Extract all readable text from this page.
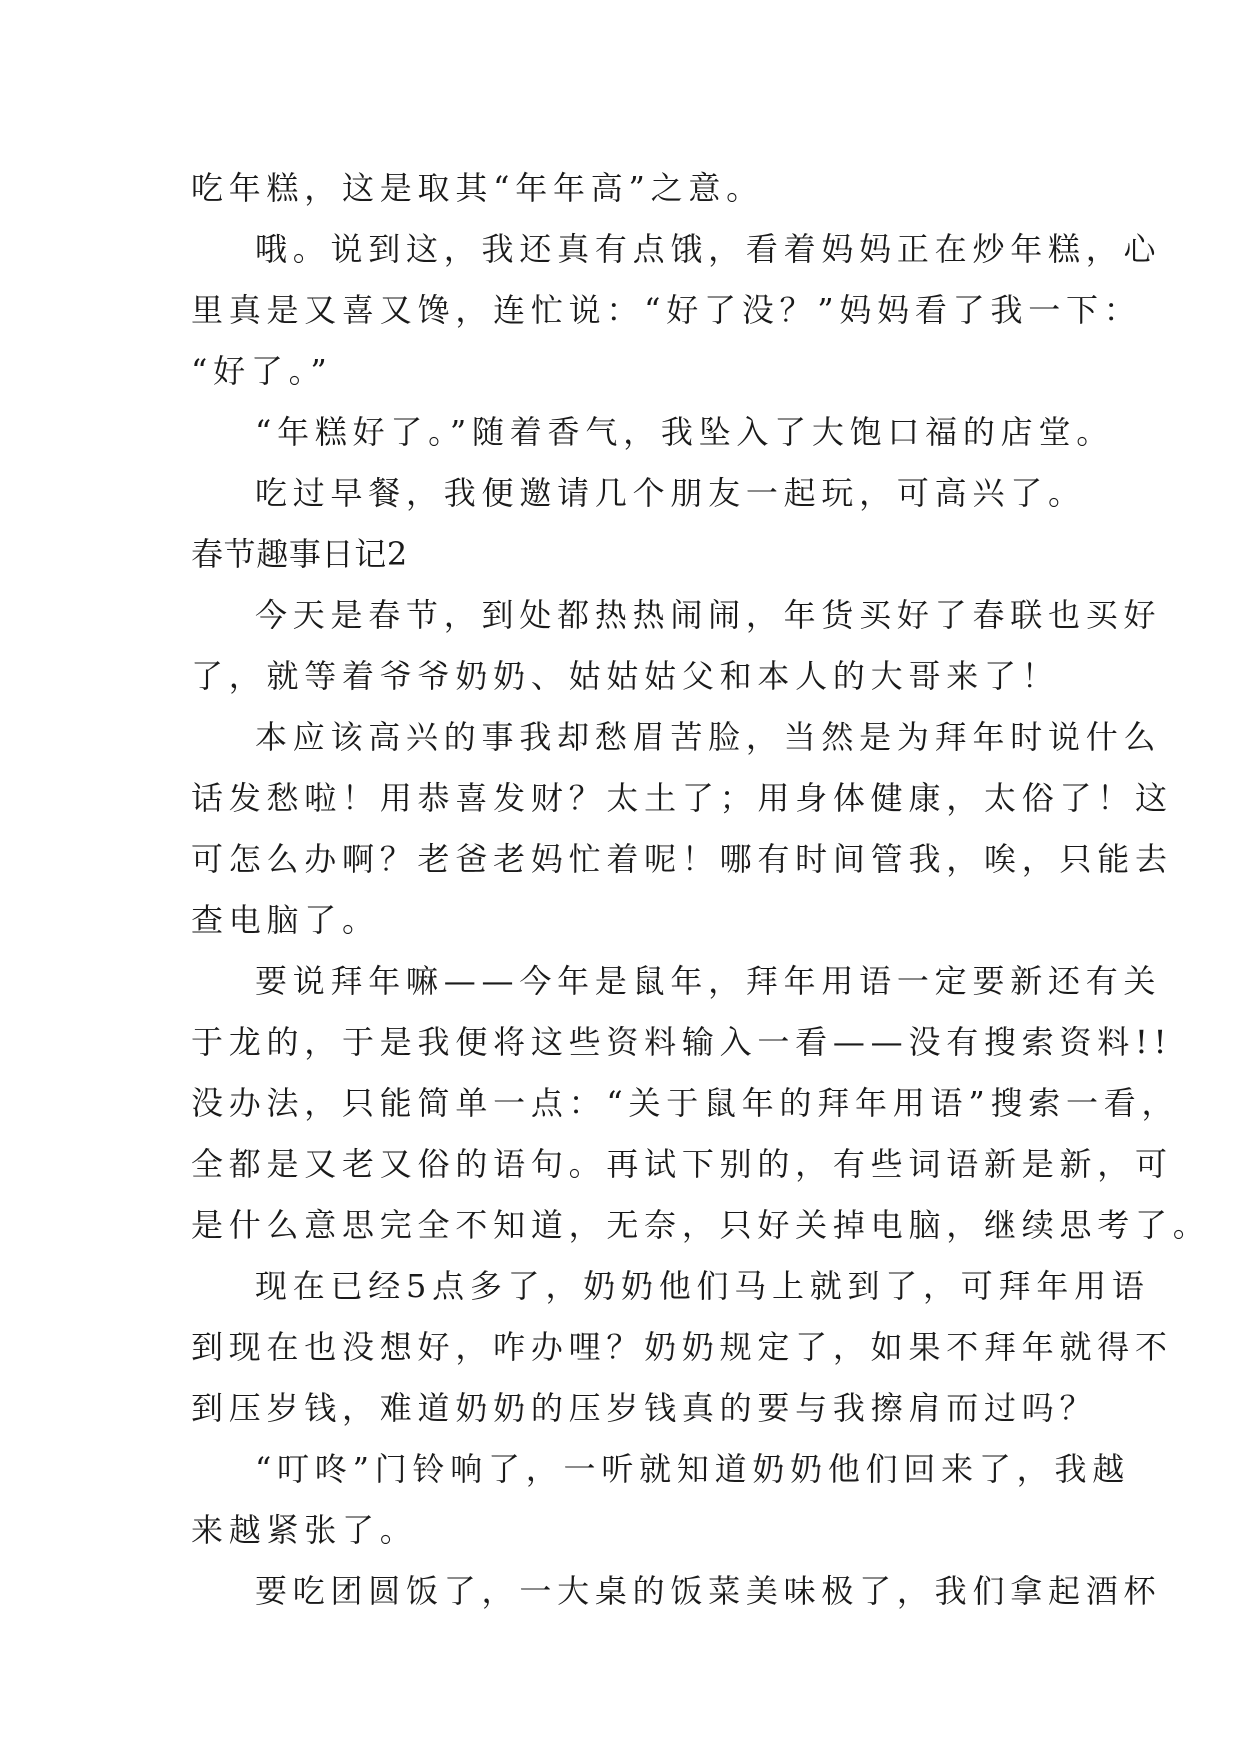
吃年糕，这是取其“年年高”之意。
哦。说到这，我还真有点饿，看着妈妈正在炒年糕，心
里真是又喜又馋，连忙说：“好了没？”妈妈看了我一下：
“好了。”
“年糕好了。”随着香气，我坠入了大饱口福的店堂。
吃过早餐，我便邀请几个朋友一起玩，可高兴了。
春节趣事日记2
今天是春节，到处都热热闹闹，年货买好了春联也买好
了，就等着爷爷奶奶、姑姑姑父和本人的大哥来了！
本应该高兴的事我却愁眉苦脸，当然是为拜年时说什么
话发愁啦！用恭喜发财？太土了；用身体健康，太俗了！这
可怎么办啊？老爸老妈忙着呢！哪有时间管我，唉，只能去
查电脑了。
要说拜年嘛——今年是鼠年，拜年用语一定要新还有关
于龙的，于是我便将这些资料输入一看——没有搜索资料!!
没办法，只能简单一点：“关于鼠年的拜年用语”搜索一看，
全都是又老又俗的语句。再试下别的，有些词语新是新，可
是什么意思完全不知道，无奈，只好关掉电脑，继续思考了。
现在已经5点多了，奶奶他们马上就到了，可拜年用语
到现在也没想好，咋办哩？奶奶规定了，如果不拜年就得不
到压岁钱，难道奶奶的压岁钱真的要与我擦肩而过吗？
“叮咚”门铃响了，一听就知道奶奶他们回来了，我越
来越紧张了。
要吃团圆饭了，一大桌的饭菜美味极了，我们拿起酒杯
